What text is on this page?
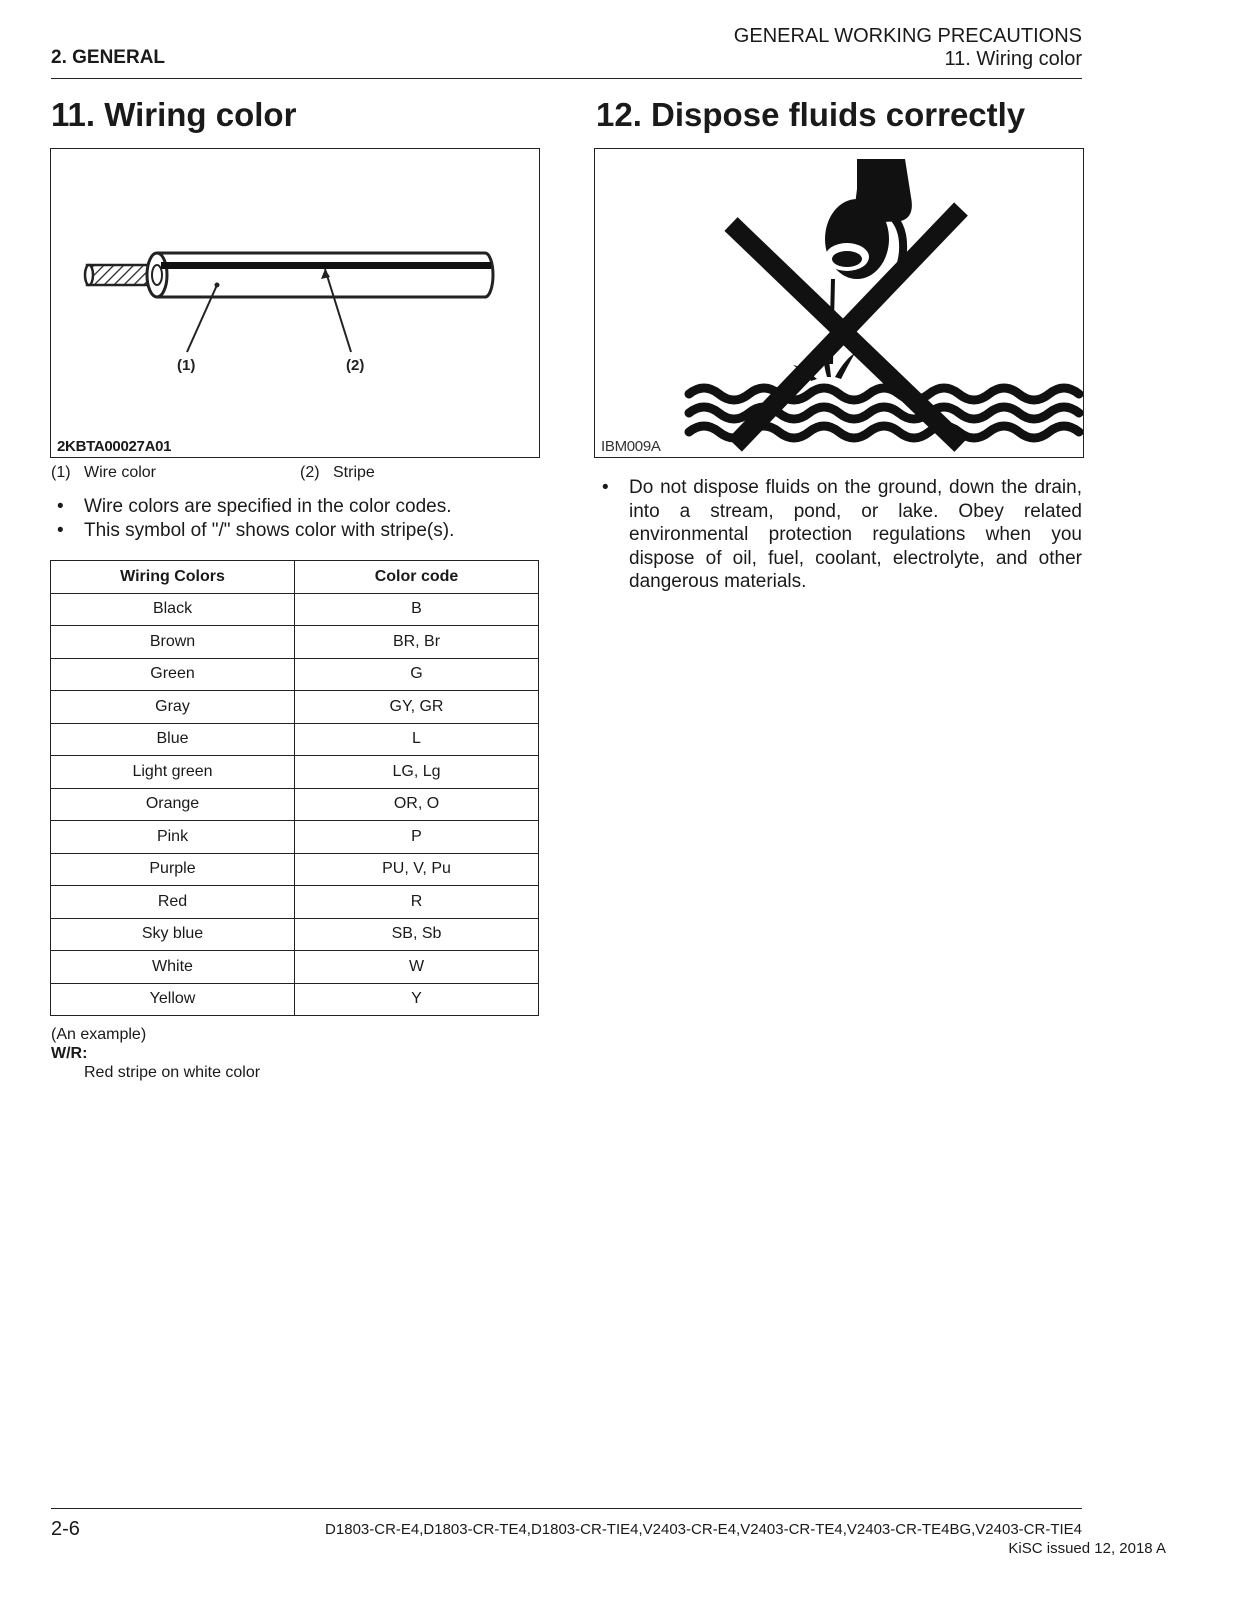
2. GENERAL
GENERAL WORKING PRECAUTIONS
11. Wiring color
11. Wiring color	12. Dispose fluids correctly
(1)	(2)
2KBTA00027A01	IBM009A
(1) Wire color	(2) Stripe
• Wire colors are specified in the color codes.
• This symbol of "/" shows color with stripe(s).
• Do not dispose fluids on the ground, down the drain, into a stream, pond, or lake. Obey related environmental protection regulations when you dispose of oil, fuel, coolant, electrolyte, and other dangerous materials.
Wiring Colors	Color code
Black	B
Brown	BR, Br
Green	G
Gray	GY, GR
Blue	L
Light green	LG, Lg
Orange	OR, O
Pink	P
Purple	PU, V, Pu
Red	R
Sky blue	SB, Sb
White	W
Yellow	Y
(An example)
W/R:
Red stripe on white color
2-6	D1803-CR-E4,D1803-CR-TE4,D1803-CR-TIE4,V2403-CR-E4,V2403-CR-TE4,V2403-CR-TE4BG,V2403-CR-TIE4
KiSC issued 12, 2018 A
